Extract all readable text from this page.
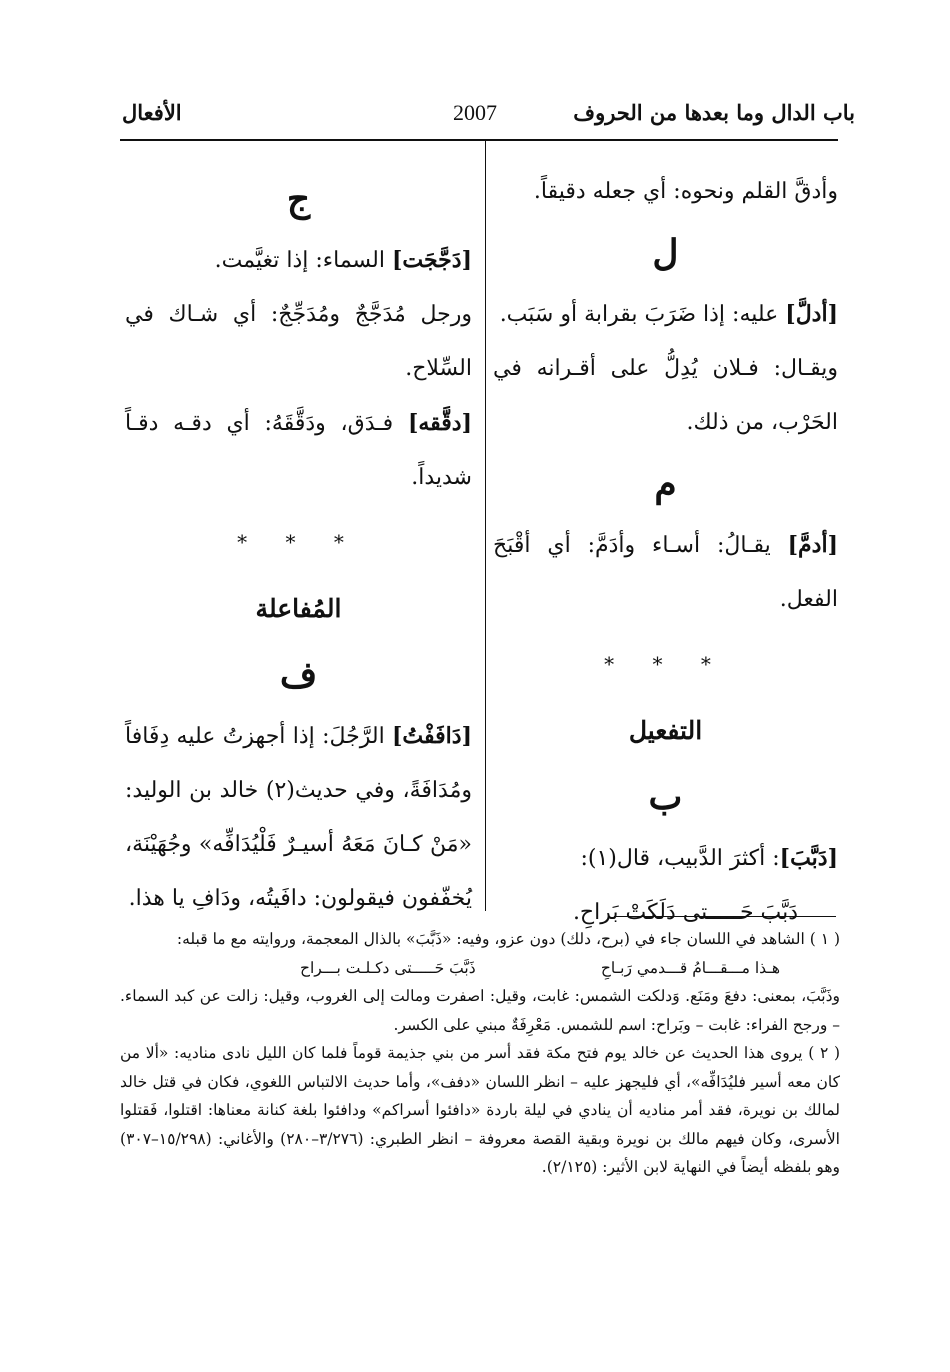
باب الدال وما بعدها من الحروف
2007
الأفعال

وأدقَّ القلم ونحوه: أي جعله دقيقاً.

ل

[أدلَّ] عليه: إذا ضَرَبَ بقرابة أو سَبَب.

ويقـال: فـلان يُدِلُّ على أقـرانه في الحَرْب، من ذلك.

م

[أدمَّ] يقـالُ: أسـاء وأدَمَّ: أي أقْبَحَ الفعل.

* * *
التفعيل
ب

[دَبَّبَ]: أكثرَ الدَّبيب، قال(١):

دَبَّبَ حَـــــتى دَلَكَتْ بَراحِ.

ج

[دَجَّجَت] السماء: إذا تغيَّمت.

ورجل مُدَجَّجٌ ومُدَجِّجٌ: أي شـاك في السِّلاح.

[دقَّقه] فـدَق، ودَقَّقَهُ: أي دقـه دقـاً شديداً.

* * *
المُفاعلة
ف

[دَافَفْتُ] الرَّجُلَ: إذا أجهزتُ عليه دِفَافاً ومُدَافَةً، وفي حديث(٢) خالد بن الوليد: «مَنْ كـانَ مَعَهُ أسيـرٌ فَلْيُدَافِّه» وجُهَيْنَة، يُخفّفون فيقولون: دافَيتُه، ودَافِ يا هذا.

( ١ ) الشاهد في اللسان جاء في (برح، دلك) دون عزو، وفيه: «ذَبَّبَ» بالذال المعجمة، وروايته مع ما قبله:

هـذا مـــقـــامُ قـــدمي رَبـاحِ
ذَبَّبَ حَـــــتى دكـلـت بـــراح

وذَبَّبَ، بمعنى: دفعَ ومَنَع. وَدلكت الشمس: غابت، وقيل: اصفرت ومالت إلى الغروب، وقيل: زالت عن كبد السماء. – ورجح الفراء: غابت – وبَراح: اسم للشمس. مَعْرِفَةٌ مبني على الكسر.

( ٢ ) يروى هذا الحديث عن خالد يوم فتح مكة فقد أسر من بني جذيمة قوماً فلما كان الليل نادى مناديه: «ألا من كان معه أسير فليُدَافِّه»، أي فليجهز عليه – انظر اللسان «دفف»، وأما حديث الالتباس اللغوي، فكان في قتل خالد لمالك بن نويرة، فقد أمر مناديه أن ينادي في ليلة باردة «دافئوا أسراكم» ودافئوا بلغة كنانة معناها: اقتلوا، فَقتلوا الأسرى، وكان فيهم مالك بن نويرة وبقية القصة معروفة – انظر الطبري: (٣/٢٧٦–٢٨٠) والأغاني: (١٥/٢٩٨–٣٠٧) وهو بلفظه أيضاً في النهاية لابن الأثير: (٢/١٢٥).
